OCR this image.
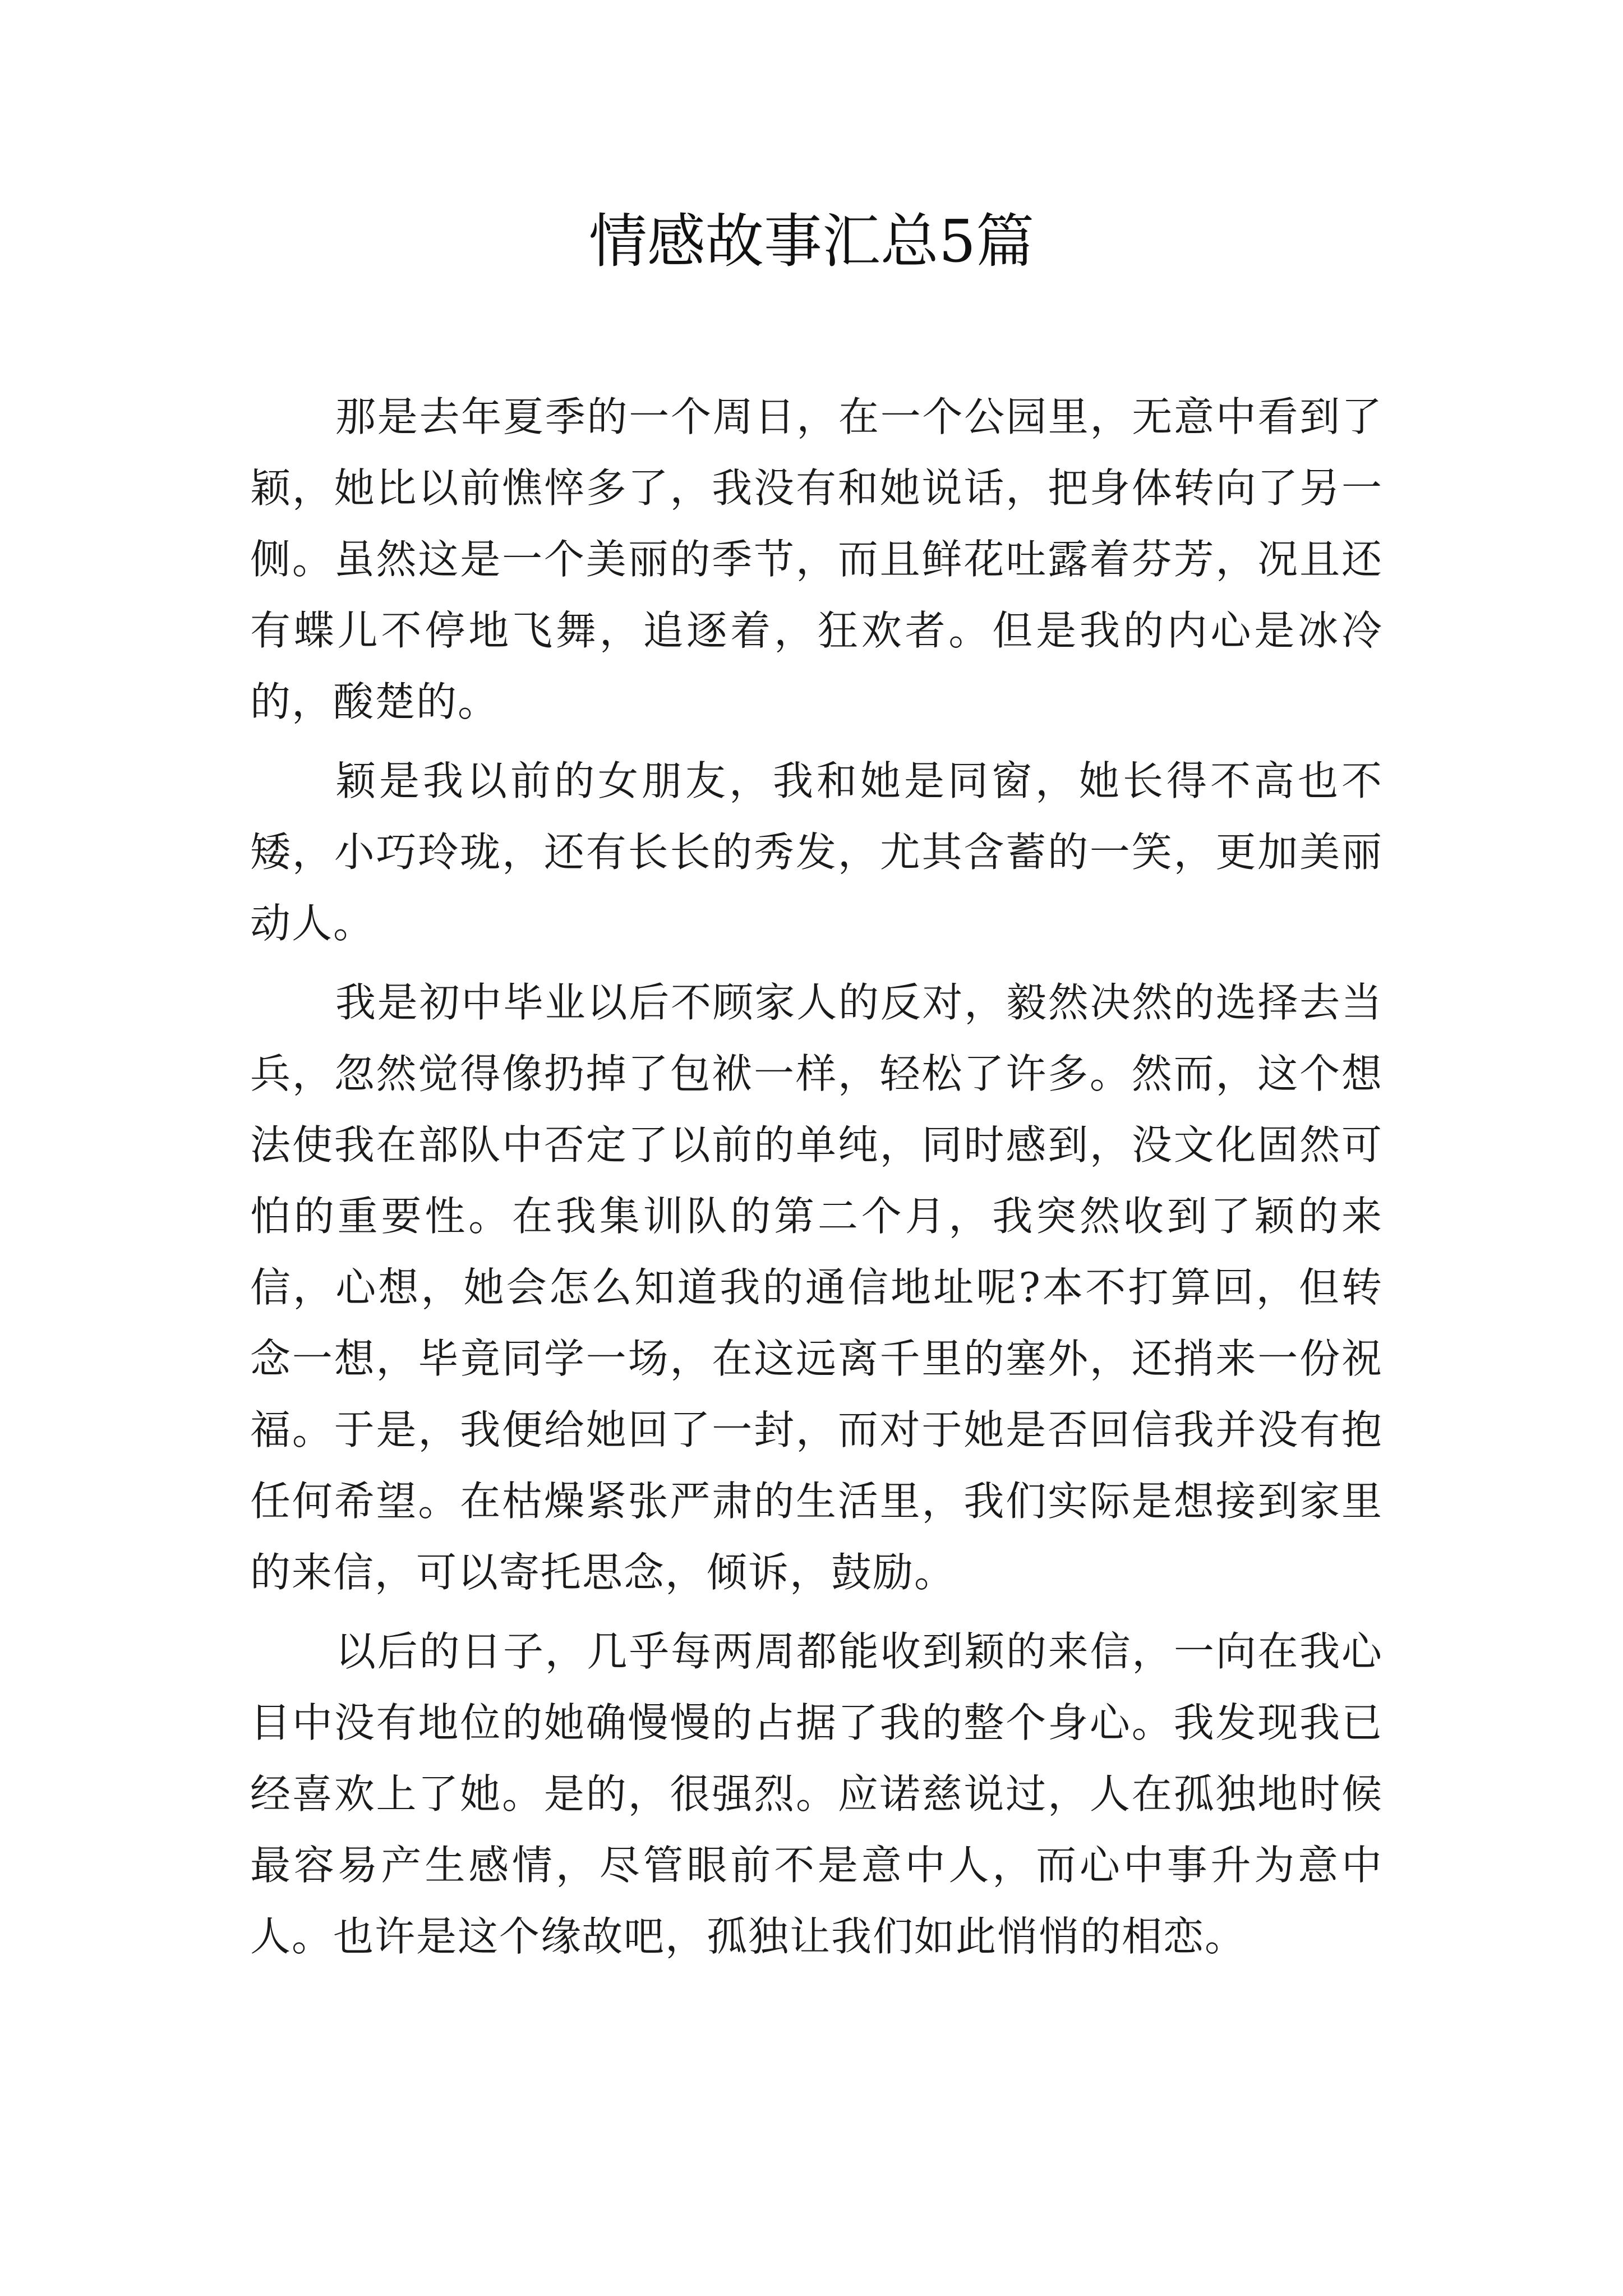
情感故事汇总5篇

那是去年夏季的一个周日，在一个公园里，无意中看到了颖，她比以前憔悴多了，我没有和她说话，把身体转向了另一侧。虽然这是一个美丽的季节，而且鲜花吐露着芬芳，况且还有蝶儿不停地飞舞，追逐着，狂欢者。但是我的内心是冰冷的，酸楚的。

颖是我以前的女朋友，我和她是同窗，她长得不高也不矮，小巧玲珑，还有长长的秀发，尤其含蓄的一笑，更加美丽动人。

我是初中毕业以后不顾家人的反对，毅然决然的选择去当兵，忽然觉得像扔掉了包袱一样，轻松了许多。然而，这个想法使我在部队中否定了以前的单纯，同时感到，没文化固然可怕的重要性。在我集训队的第二个月，我突然收到了颖的来信，心想，她会怎么知道我的通信地址呢?本不打算回，但转念一想，毕竟同学一场，在这远离千里的塞外，还捎来一份祝福。于是，我便给她回了一封，而对于她是否回信我并没有抱任何希望。在枯燥紧张严肃的生活里，我们实际是想接到家里的来信，可以寄托思念，倾诉，鼓励。

以后的日子，几乎每两周都能收到颖的来信，一向在我心目中没有地位的她确慢慢的占据了我的整个身心。我发现我已经喜欢上了她。是的，很强烈。应诺慈说过，人在孤独地时候最容易产生感情，尽管眼前不是意中人，而心中事升为意中人。也许是这个缘故吧，孤独让我们如此悄悄的相恋。
